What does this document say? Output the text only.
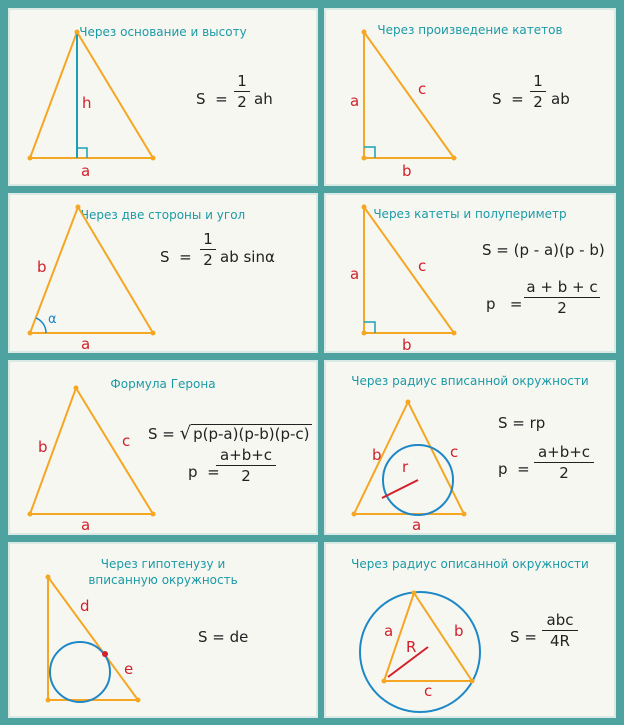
Через основание и высоту
h
a
S =
1
2 ah
Через произведение катетов
a
c
b
S =
1
2 ab
Через две стороны и угол
b
α
a
S =
1
2 ab sinα
Через катеты и полупериметр
a	c
b
S = (p - a)(p - b)
p =
a + b + c
2
Формула Герона
b	c
a
S = √ p(p-a)(p-b)(p-c)
p =
a+b+c
2
Через радиус вписанной окружности
b
r
c
a
S = rp
p =
a+b+c
2
Через гипотенузу и
вписанную окружность
d
e
S = de
Через радиус описанной окружности
a	b
R
c
S =
abc
4R
